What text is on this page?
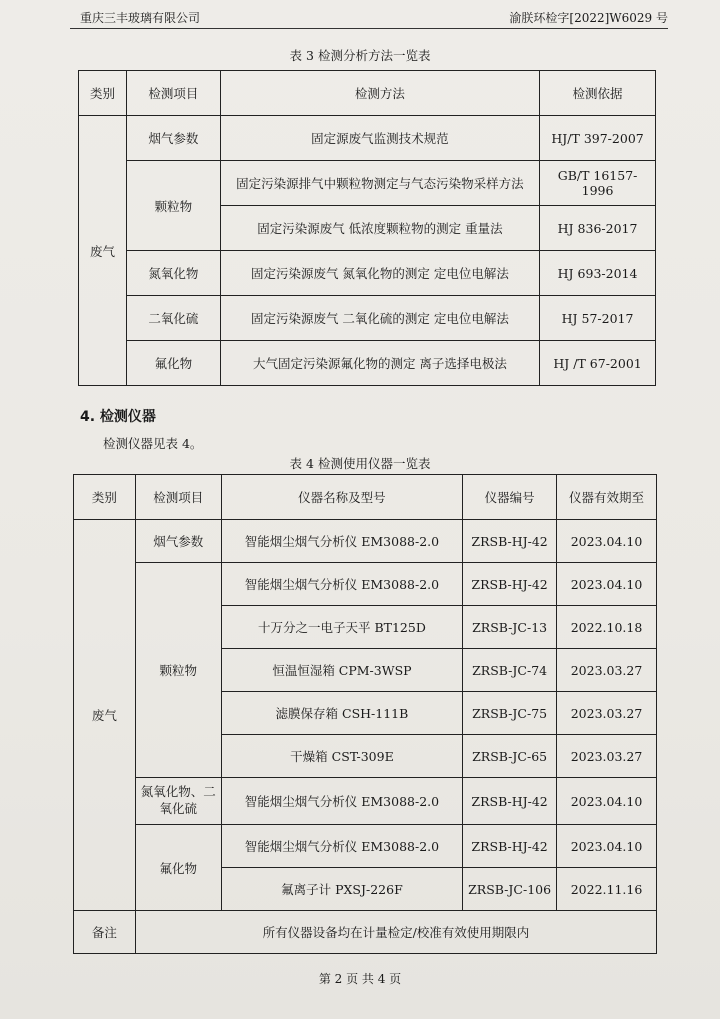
重庆三丰玻璃有限公司	渝朕环检字[2022]W6029 号
表 3 检测分析方法一览表
类别	检测项目	检测方法	检测依据
废气	烟气参数	固定源废气监测技术规范	HJ/T 397-2007
	颗粒物	固定污染源排气中颗粒物测定与气态污染物采样方法	GB/T 16157-1996
		固定污染源废气 低浓度颗粒物的测定 重量法	HJ 836-2017
	氮氧化物	固定污染源废气 氮氧化物的测定 定电位电解法	HJ 693-2014
	二氧化硫	固定污染源废气 二氧化硫的测定 定电位电解法	HJ 57-2017
	氟化物	大气固定污染源氟化物的测定 离子选择电极法	HJ /T 67-2001
4. 检测仪器
检测仪器见表 4。
表 4 检测使用仪器一览表
类别	检测项目	仪器名称及型号	仪器编号	仪器有效期至
废气	烟气参数	智能烟尘烟气分析仪 EM3088-2.0	ZRSB-HJ-42	2023.04.10
	颗粒物	智能烟尘烟气分析仪 EM3088-2.0	ZRSB-HJ-42	2023.04.10
		十万分之一电子天平 BT125D	ZRSB-JC-13	2022.10.18
		恒温恒湿箱 CPM-3WSP	ZRSB-JC-74	2023.03.27
		滤膜保存箱 CSH-111B	ZRSB-JC-75	2023.03.27
		干燥箱 CST-309E	ZRSB-JC-65	2023.03.27
	氮氧化物、二氧化硫	智能烟尘烟气分析仪 EM3088-2.0	ZRSB-HJ-42	2023.04.10
	氟化物	智能烟尘烟气分析仪 EM3088-2.0	ZRSB-HJ-42	2023.04.10
		氟离子计 PXSJ-226F	ZRSB-JC-106	2022.11.16
备注	所有仪器设备均在计量检定/校准有效使用期限内			
第 2 页 共 4 页
